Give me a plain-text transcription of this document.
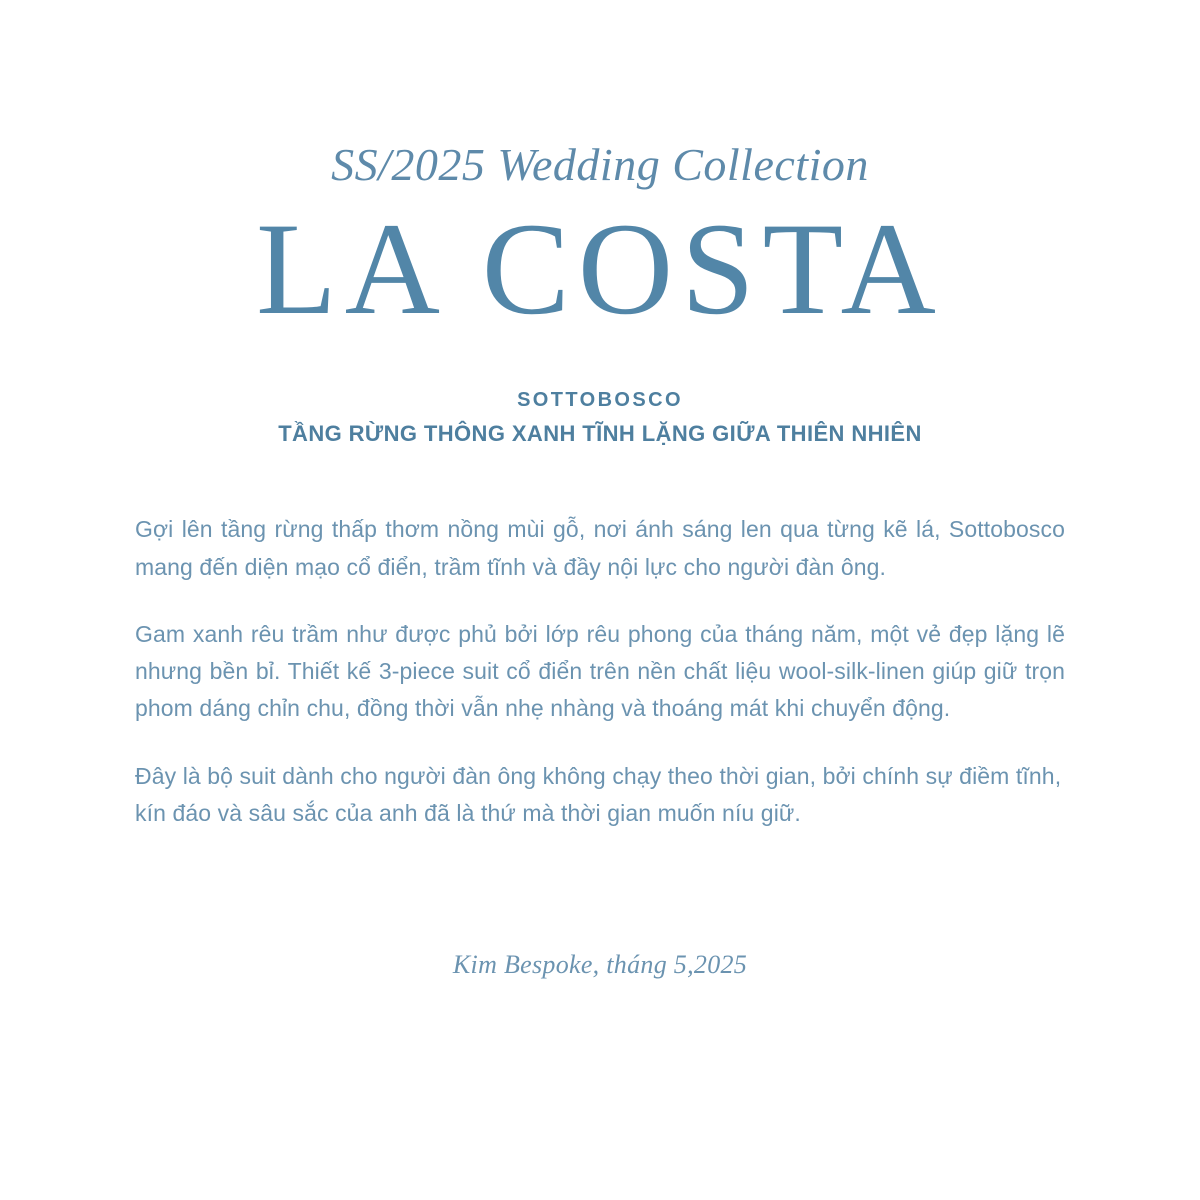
SS/2025 Wedding Collection
LA COSTA
SOTTOBOSCO
TẦNG RỪNG THÔNG XANH TĨNH LẶNG GIỮA THIÊN NHIÊN

Gợi lên tầng rừng thấp thơm nồng mùi gỗ, nơi ánh sáng len qua từng kẽ lá, Sottobosco mang đến diện mạo cổ điển, trầm tĩnh và đầy nội lực cho người đàn ông.

Gam xanh rêu trầm như được phủ bởi lớp rêu phong của tháng năm, một vẻ đẹp lặng lẽ nhưng bền bỉ. Thiết kế 3-piece suit cổ điển trên nền chất liệu wool-silk-linen giúp giữ trọn phom dáng chỉn chu, đồng thời vẫn nhẹ nhàng và thoáng mát khi chuyển động.

Đây là bộ suit dành cho người đàn ông không chạy theo thời gian, bởi chính sự điềm tĩnh, kín đáo và sâu sắc của anh đã là thứ mà thời gian muốn níu giữ.

Kim Bespoke, tháng 5,2025
